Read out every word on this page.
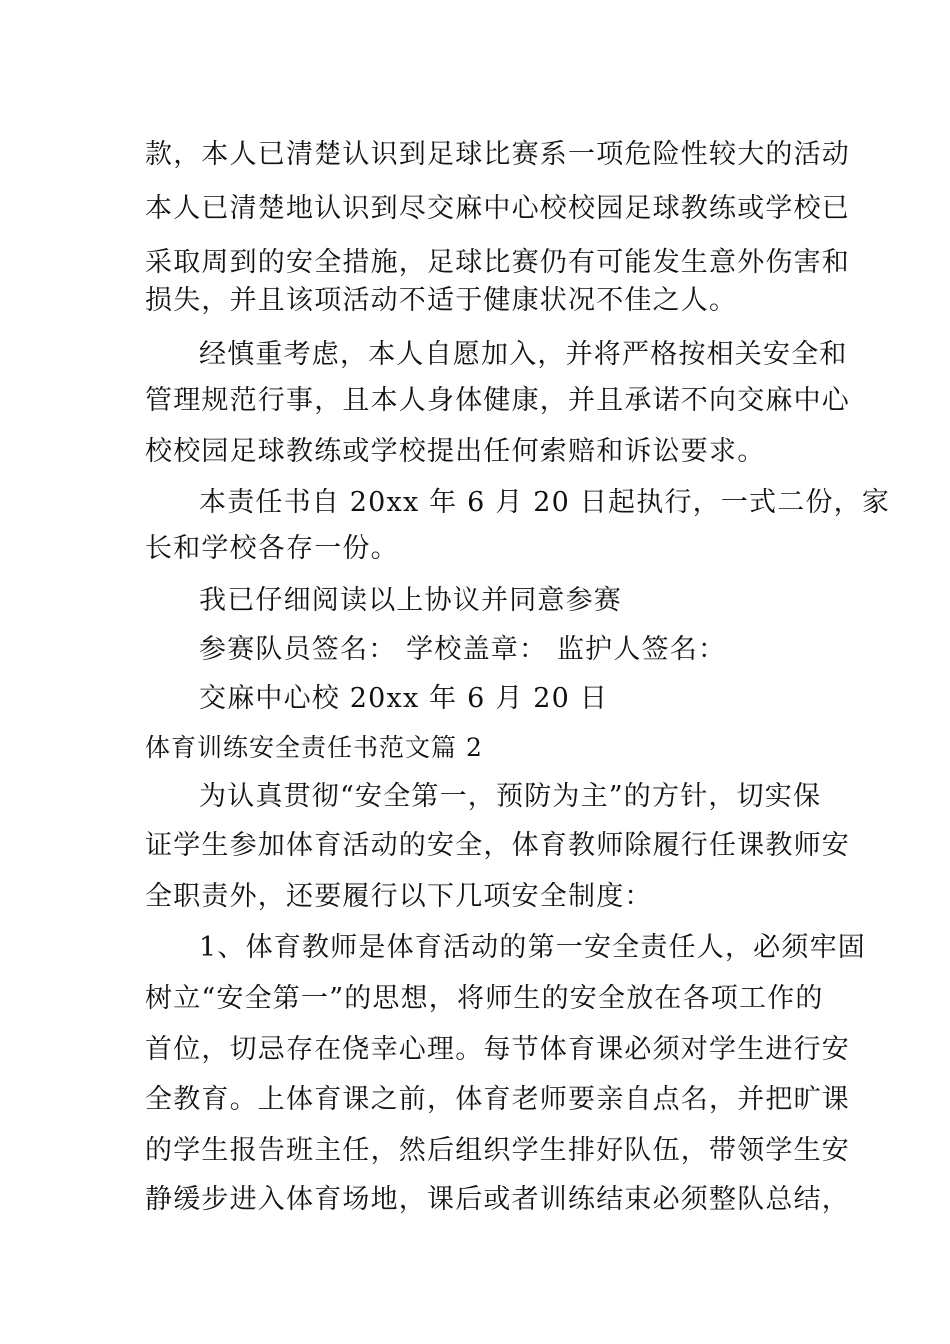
款，本人已清楚认识到足球比赛系一项危险性较大的活动
本人已清楚地认识到尽交麻中心校校园足球教练或学校已
采取周到的安全措施，足球比赛仍有可能发生意外伤害和
损失，并且该项活动不适于健康状况不佳之人。
经慎重考虑，本人自愿加入，并将严格按相关安全和
管理规范行事，且本人身体健康，并且承诺不向交麻中心
校校园足球教练或学校提出任何索赔和诉讼要求。
本责任书自 20xx 年 6 月 20 日起执行，一式二份，家
长和学校各存一份。
我已仔细阅读以上协议并同意参赛
参赛队员签名： 学校盖章： 监护人签名：
交麻中心校 20xx 年 6 月 20 日
体育训练安全责任书范文篇 2
为认真贯彻“安全第一，预防为主”的方针，切实保
证学生参加体育活动的安全，体育教师除履行任课教师安
全职责外，还要履行以下几项安全制度：
1、体育教师是体育活动的第一安全责任人，必须牢固
树立“安全第一”的思想，将师生的安全放在各项工作的
首位，切忌存在侥幸心理。每节体育课必须对学生进行安
全教育。上体育课之前，体育老师要亲自点名，并把旷课
的学生报告班主任，然后组织学生排好队伍，带领学生安
静缓步进入体育场地，课后或者训练结束必须整队总结，
